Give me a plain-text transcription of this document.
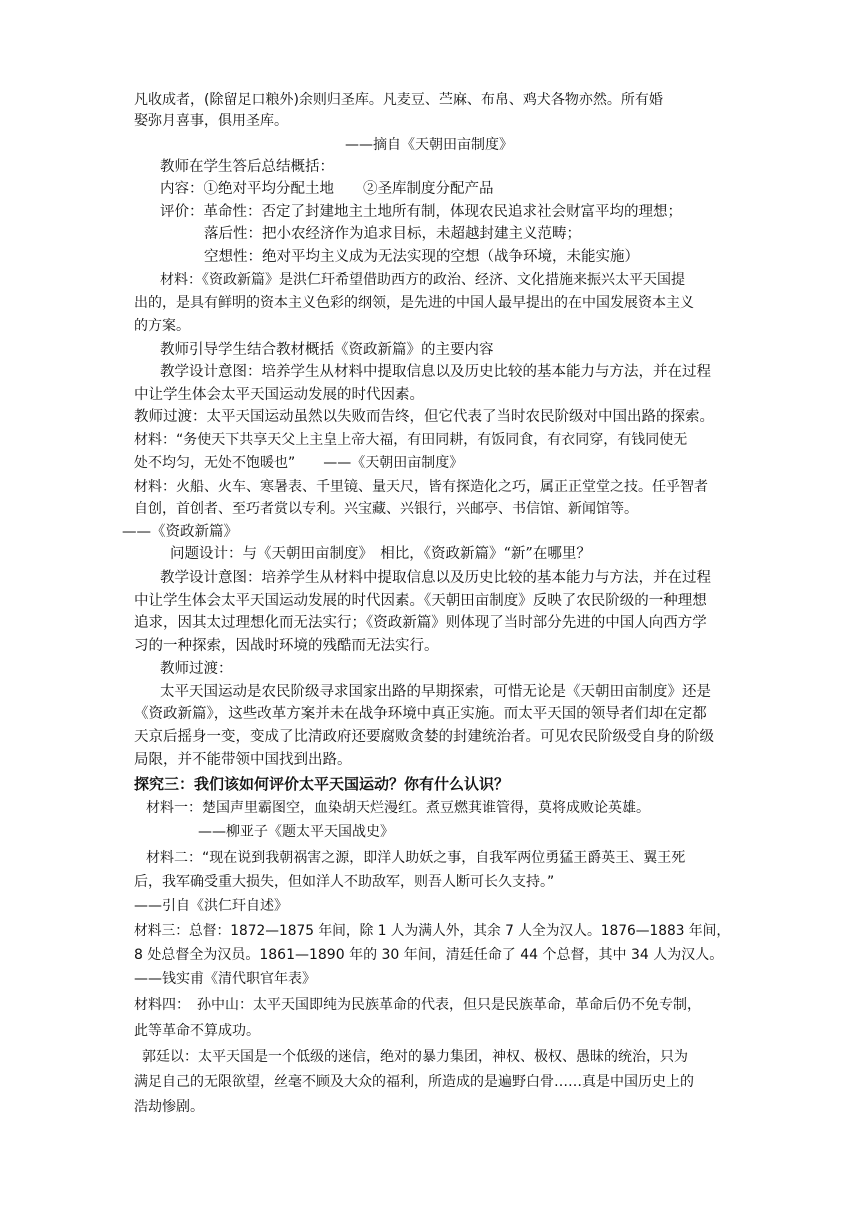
凡收成者，(除留足口粮外)余则归圣库。凡麦豆、苎麻、布帛、鸡犬各物亦然。所有婚
娶弥月喜事，俱用圣库。
——摘自《天朝田亩制度》
教师在学生答后总结概括：
内容：①绝对平均分配土地　　②圣库制度分配产品
评价：革命性：否定了封建地主土地所有制，体现农民追求社会财富平均的理想；
落后性：把小农经济作为追求目标，未超越封建主义范畴；
空想性：绝对平均主义成为无法实现的空想（战争环境，未能实施）
材料：《资政新篇》是洪仁玕希望借助西方的政治、经济、文化措施来振兴太平天国提
出的，是具有鲜明的资本主义色彩的纲领，是先进的中国人最早提出的在中国发展资本主义
的方案。
教师引导学生结合教材概括《资政新篇》的主要内容
教学设计意图：培养学生从材料中提取信息以及历史比较的基本能力与方法，并在过程
中让学生体会太平天国运动发展的时代因素。
教师过渡：太平天国运动虽然以失败而告终，但它代表了当时农民阶级对中国出路的探索。
材料：“务使天下共享天父上主皇上帝大福，有田同耕，有饭同食，有衣同穿，有钱同使无
处不均匀，无处不饱暖也”　　——《天朝田亩制度》
材料：火船、火车、寒暑表、千里镜、量天尺，皆有探造化之巧，属正正堂堂之技。任乎智者
自创，首创者、至巧者赏以专利。兴宝藏、兴银行，兴邮亭、书信馆、新闻馆等。
——《资政新篇》
问题设计：与《天朝田亩制度》　相比，《资政新篇》“新”在哪里？
教学设计意图：培养学生从材料中提取信息以及历史比较的基本能力与方法，并在过程
中让学生体会太平天国运动发展的时代因素。《天朝田亩制度》反映了农民阶级的一种理想
追求，因其太过理想化而无法实行；《资政新篇》则体现了当时部分先进的中国人向西方学
习的一种探索，因战时环境的残酷而无法实行。
教师过渡：
太平天国运动是农民阶级寻求国家出路的早期探索，可惜无论是《天朝田亩制度》还是
《资政新篇》，这些改革方案并未在战争环境中真正实施。而太平天国的领导者们却在定都
天京后摇身一变，变成了比清政府还要腐败贪婪的封建统治者。可见农民阶级受自身的阶级
局限，并不能带领中国找到出路。
探究三：我们该如何评价太平天国运动？你有什么认识？
材料一：楚国声里霸图空，血染胡天烂漫红。煮豆燃萁谁管得，莫将成败论英雄。
——柳亚子《题太平天国战史》
材料二：“现在说到我朝祸害之源，即洋人助妖之事，自我军两位勇猛王爵英王、翼王死
后，我军确受重大损失，但如洋人不助敌军，则吾人断可长久支持。”
——引自《洪仁玕自述》
材料三：总督：1872—1875 年间，除 1 人为满人外，其余 7 人全为汉人。1876—1883 年间，
8 处总督全为汉员。1861—1890 年的 30 年间，清廷任命了 44 个总督，其中 34 人为汉人。
——钱实甫《清代职官年表》
材料四：　孙中山：太平天国即纯为民族革命的代表，但只是民族革命，革命后仍不免专制，
此等革命不算成功。
郭廷以：太平天国是一个低级的迷信，绝对的暴力集团，神权、极权、愚昧的统治，只为
满足自己的无限欲望，丝毫不顾及大众的福利，所造成的是遍野白骨……真是中国历史上的
浩劫惨剧。
